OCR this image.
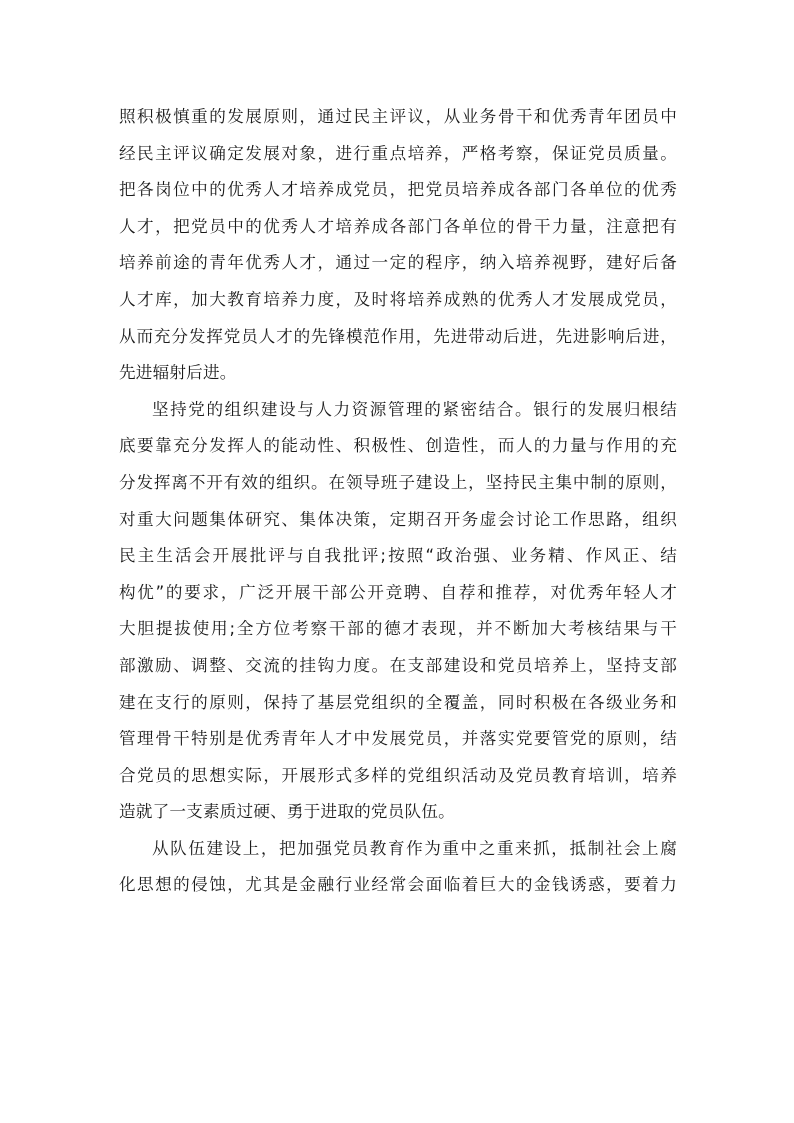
照积极慎重的发展原则，通过民主评议，从业务骨干和优秀青年团员中
经民主评议确定发展对象，进行重点培养，严格考察，保证党员质量。
把各岗位中的优秀人才培养成党员，把党员培养成各部门各单位的优秀
人才，把党员中的优秀人才培养成各部门各单位的骨干力量，注意把有
培养前途的青年优秀人才，通过一定的程序，纳入培养视野，建好后备
人才库，加大教育培养力度，及时将培养成熟的优秀人才发展成党员，
从而充分发挥党员人才的先锋模范作用，先进带动后进，先进影响后进，
先进辐射后进。
坚持党的组织建设与人力资源管理的紧密结合。银行的发展归根结
底要靠充分发挥人的能动性、积极性、创造性，而人的力量与作用的充
分发挥离不开有效的组织。在领导班子建设上，坚持民主集中制的原则，
对重大问题集体研究、集体决策，定期召开务虚会讨论工作思路，组织
民主生活会开展批评与自我批评;按照“政治强、业务精、作风正、结
构优”的要求，广泛开展干部公开竞聘、自荐和推荐，对优秀年轻人才
大胆提拔使用;全方位考察干部的德才表现，并不断加大考核结果与干
部激励、调整、交流的挂钩力度。在支部建设和党员培养上，坚持支部
建在支行的原则，保持了基层党组织的全覆盖，同时积极在各级业务和
管理骨干特别是优秀青年人才中发展党员，并落实党要管党的原则，结
合党员的思想实际，开展形式多样的党组织活动及党员教育培训，培养
造就了一支素质过硬、勇于进取的党员队伍。
从队伍建设上，把加强党员教育作为重中之重来抓，抵制社会上腐
化思想的侵蚀，尤其是金融行业经常会面临着巨大的金钱诱惑，要着力
